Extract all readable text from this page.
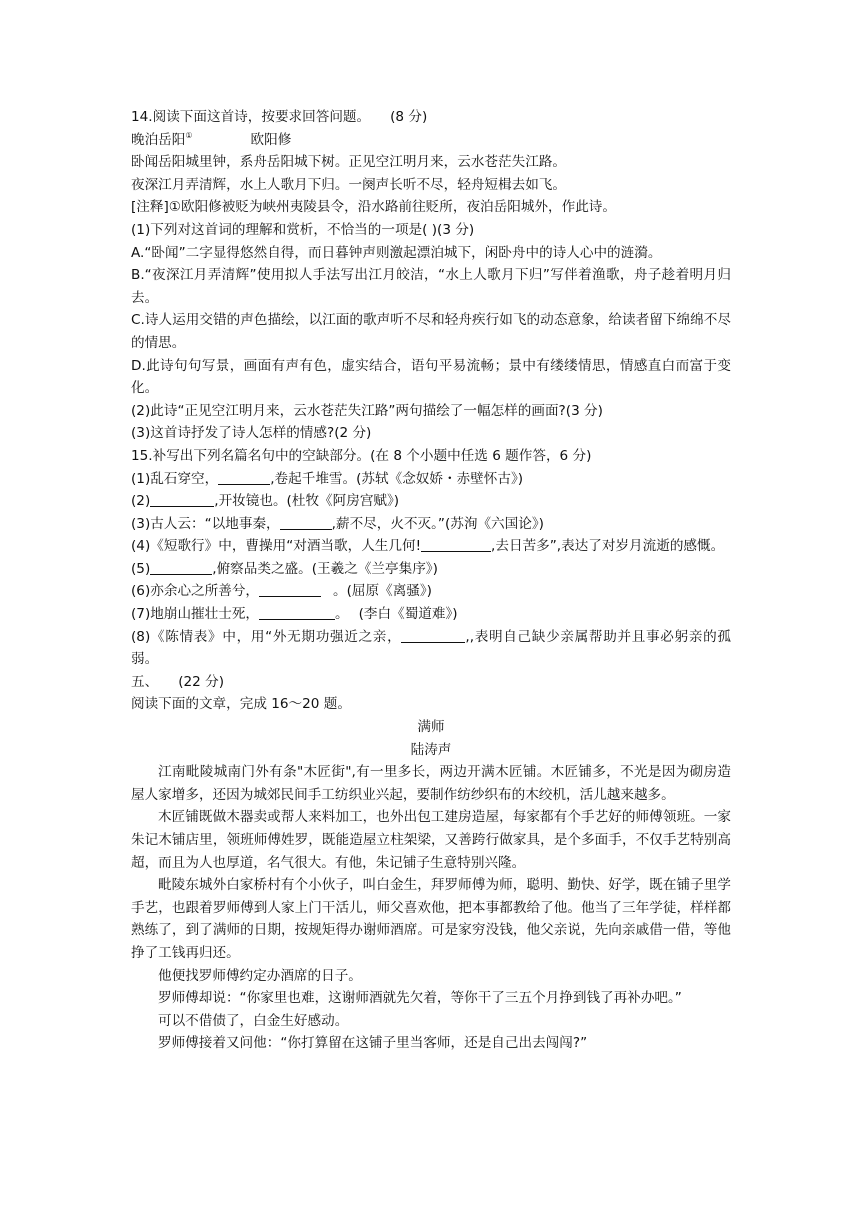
14.阅读下面这首诗，按要求回答问题。 (8 分)

晚泊岳阳①	欧阳修

卧闻岳阳城里钟，系舟岳阳城下树。正见空江明月来，云水苍茫失江路。

夜深江月弄清辉，水上人歌月下归。一阕声长听不尽，轻舟短楫去如飞。

[注释]①欧阳修被贬为峡州夷陵县令，沿水路前往贬所，夜泊岳阳城外，作此诗。

(1)下列对这首词的理解和赏析，不恰当的一项是( )(3 分)

A.“卧闻”二字显得悠然自得，而日暮钟声则激起漂泊城下，闲卧舟中的诗人心中的涟漪。

B.“夜深江月弄清辉”使用拟人手法写出江月皎洁，“水上人歌月下归”写伴着渔歌，舟子趁着明月归去。

C.诗人运用交错的声色描绘，以江面的歌声听不尽和轻舟疾行如飞的动态意象，给读者留下绵绵不尽的情思。

D.此诗句句写景，画面有声有色，虚实结合，语句平易流畅；景中有缕缕情思，情感直白而富于变化。

(2)此诗“正见空江明月来，云水苍茫失江路”两句描绘了一幅怎样的画面?(3 分)

(3)这首诗抒发了诗人怎样的情感?(2 分)

15.补写出下列名篇名句中的空缺部分。(在 8 个小题中任选 6 题作答，6 分)

(1)乱石穿空，	,卷起千堆雪。(苏轼《念奴娇・赤壁怀古》)

(2)	,开妆镜也。(杜牧《阿房宫赋》)

(3)古人云：“以地事秦，	,薪不尽，火不灭。”(苏洵《六国论》)

(4)《短歌行》中，曹操用“对酒当歌，人生几何!	,去日苦多”,表达了对岁月流逝的感慨。

(5)	,俯察品类之盛。(王羲之《兰亭集序》)

(6)亦余心之所善兮，	。(屈原《离骚》)

(7)地崩山摧壮士死，	。 (李白《蜀道难》)

(8)《陈情表》中，用“外无期功强近之亲，	,,表明自己缺少亲属帮助并且事必躬亲的孤弱。

五、 (22 分)

阅读下面的文章，完成 16～20 题。

满师

陆涛声

江南毗陵城南门外有条"木匠街",有一里多长，两边开满木匠铺。木匠铺多，不光是因为砌房造屋人家增多，还因为城郊民间手工纺织业兴起，要制作纺纱织布的木绞机，活儿越来越多。

木匠铺既做木器卖或帮人来料加工，也外出包工建房造屋，每家都有个手艺好的师傅领班。一家朱记木铺店里，领班师傅姓罗，既能造屋立柱架梁，又善跨行做家具，是个多面手，不仅手艺特别高超，而且为人也厚道，名气很大。有他，朱记铺子生意特别兴隆。

毗陵东城外白家桥村有个小伙子，叫白金生，拜罗师傅为师，聪明、勤快、好学，既在铺子里学手艺，也跟着罗师傅到人家上门干活儿，师父喜欢他，把本事都教给了他。他当了三年学徒，样样都熟练了，到了满师的日期，按规矩得办谢师酒席。可是家穷没钱，他父亲说，先向亲戚借一借，等他挣了工钱再归还。

他便找罗师傅约定办酒席的日子。

罗师傅却说：“你家里也难，这谢师酒就先欠着，等你干了三五个月挣到钱了再补办吧。”

可以不借债了，白金生好感动。

罗师傅接着又问他：“你打算留在这铺子里当客师，还是自己出去闯闯?”
